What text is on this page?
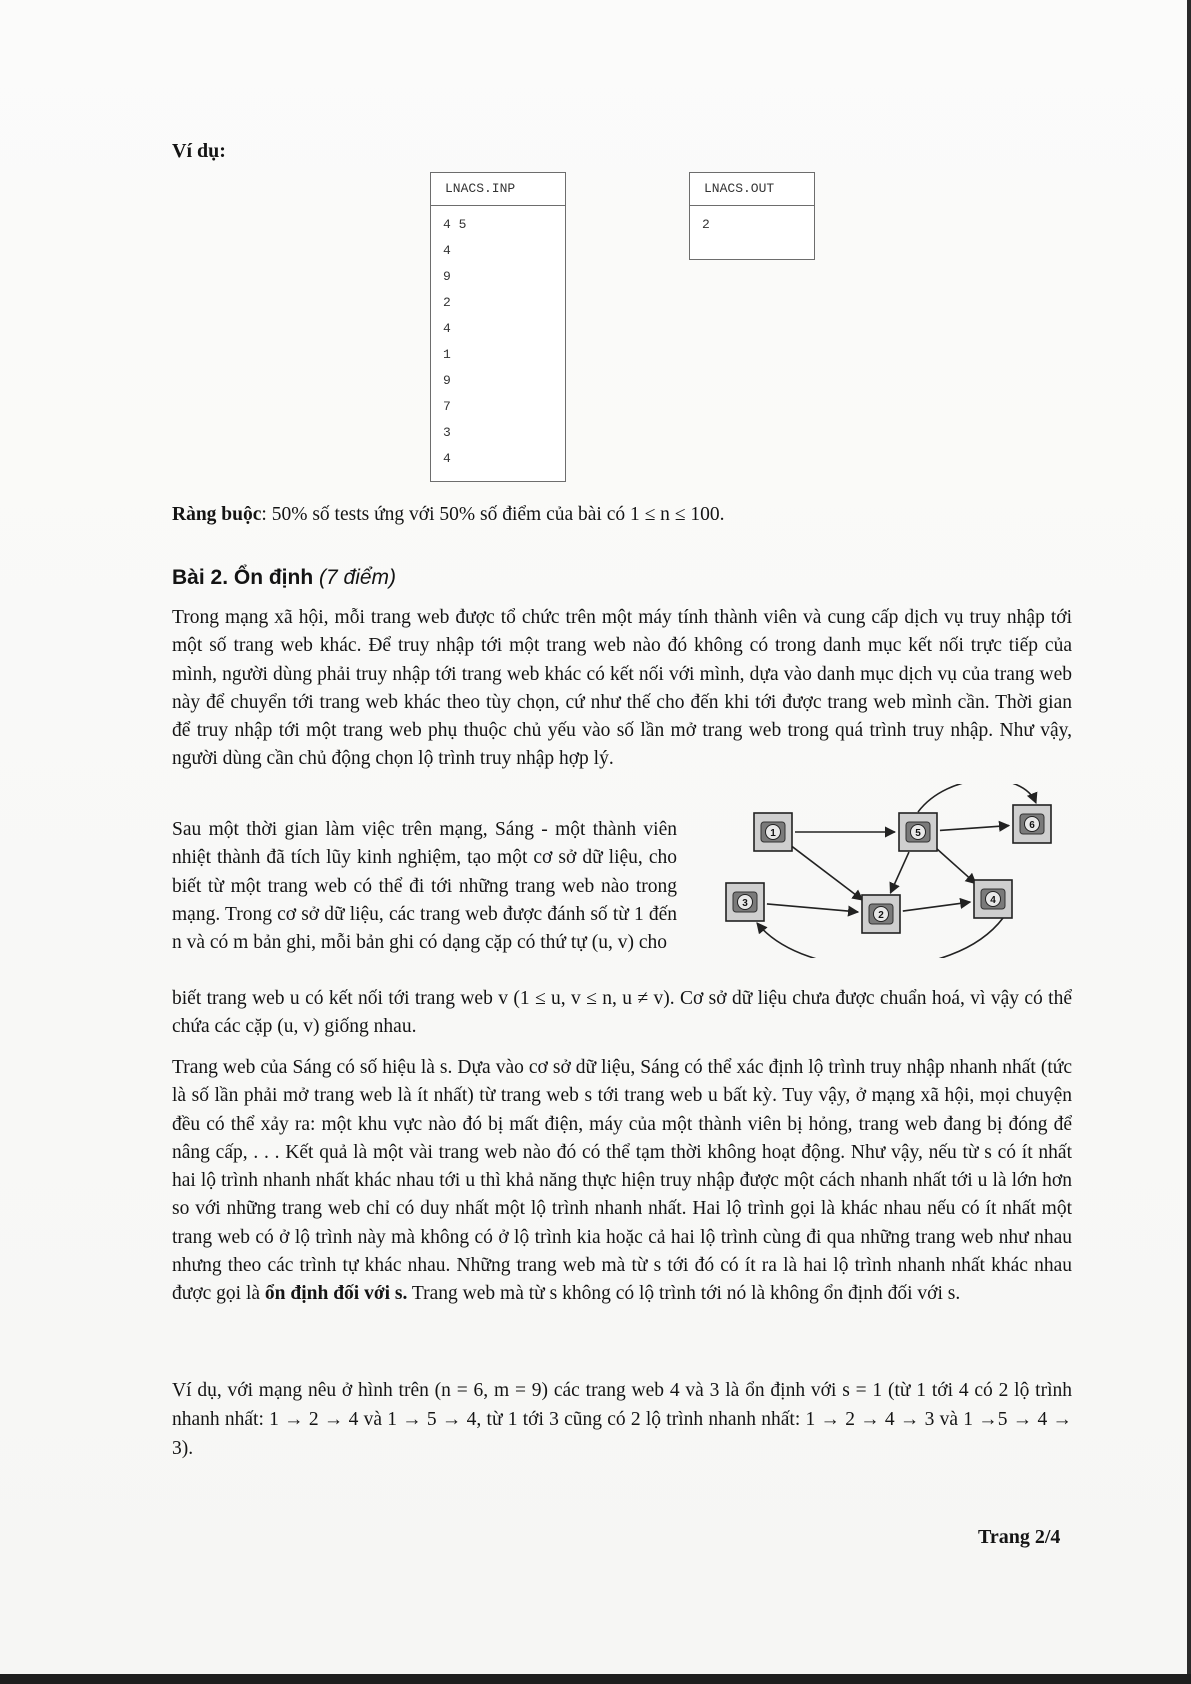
Ví dụ:
LNACS.INP
4 5
4
9
2
4
1
9
7
3
4
LNACS.OUT
2
Ràng buộc: 50% số tests ứng với 50% số điểm của bài có 1 ≤ n ≤ 100.
Bài 2. Ổn định (7 điểm)

Trong mạng xã hội, mỗi trang web được tổ chức trên một máy tính thành viên và cung cấp dịch vụ truy nhập tới một số trang web khác. Để truy nhập tới một trang web nào đó không có trong danh mục kết nối trực tiếp của mình, người dùng phải truy nhập tới trang web khác có kết nối với mình, dựa vào danh mục dịch vụ của trang web này để chuyển tới trang web khác theo tùy chọn, cứ như thế cho đến khi tới được trang web mình cần. Thời gian để truy nhập tới một trang web phụ thuộc chủ yếu vào số lần mở trang web trong quá trình truy nhập. Như vậy, người dùng cần chủ động chọn lộ trình truy nhập hợp lý.

Sau một thời gian làm việc trên mạng, Sáng - một thành viên nhiệt thành đã tích lũy kinh nghiệm, tạo một cơ sở dữ liệu, cho biết từ một trang web có thể đi tới những trang web nào trong mạng. Trong cơ sở dữ liệu, các trang web được đánh số từ 1 đến n và có m bản ghi, mỗi bản ghi có dạng cặp có thứ tự (u, v) cho

1	5
6
3
2
4

biết trang web u có kết nối tới trang web v (1 ≤ u, v ≤ n, u ≠ v). Cơ sở dữ liệu chưa được chuẩn hoá, vì vậy có thể chứa các cặp (u, v) giống nhau.

Trang web của Sáng có số hiệu là s. Dựa vào cơ sở dữ liệu, Sáng có thể xác định lộ trình truy nhập nhanh nhất (tức là số lần phải mở trang web là ít nhất) từ trang web s tới trang web u bất kỳ. Tuy vậy, ở mạng xã hội, mọi chuyện đều có thể xảy ra: một khu vực nào đó bị mất điện, máy của một thành viên bị hỏng, trang web đang bị đóng để nâng cấp, . . . Kết quả là một vài trang web nào đó có thể tạm thời không hoạt động. Như vậy, nếu từ s có ít nhất hai lộ trình nhanh nhất khác nhau tới u thì khả năng thực hiện truy nhập được một cách nhanh nhất tới u là lớn hơn so với những trang web chỉ có duy nhất một lộ trình nhanh nhất. Hai lộ trình gọi là khác nhau nếu có ít nhất một trang web có ở lộ trình này mà không có ở lộ trình kia hoặc cả hai lộ trình cùng đi qua những trang web như nhau nhưng theo các trình tự khác nhau. Những trang web mà từ s tới đó có ít ra là hai lộ trình nhanh nhất khác nhau được gọi là ổn định đối với s. Trang web mà từ s không có lộ trình tới nó là không ổn định đối với s.

Ví dụ, với mạng nêu ở hình trên (n = 6, m = 9) các trang web 4 và 3 là ổn định với s = 1 (từ 1 tới 4 có 2 lộ trình nhanh nhất: 1 → 2 → 4 và 1 → 5 → 4, từ 1 tới 3 cũng có 2 lộ trình nhanh nhất: 1 → 2 → 4 → 3 và 1 →5 → 4 → 3).

Trang 2/4
